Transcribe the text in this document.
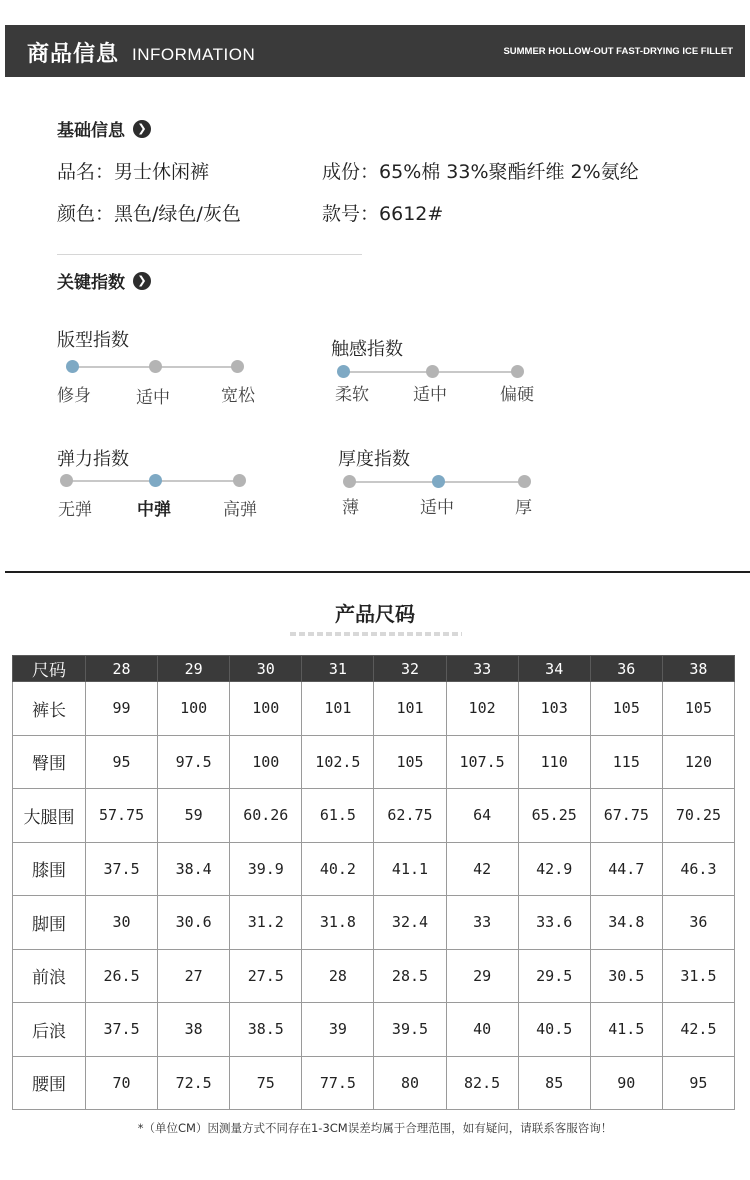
商品信息 INFORMATION	SUMMER HOLLOW-OUT FAST-DRYING ICE FILLET
基础信息 ❯
品名：男士休闲裤	成份：65%棉 33%聚酯纤维 2%氨纶
颜色：黑色/绿色/灰色	款号：6612#
关键指数 ❯
版型指数
修身	适中	宽松
触感指数
柔软	适中	偏硬
弹力指数
无弹	中弹	高弹
厚度指数
薄	适中	厚
产品尺码
尺码	28	29	30	31	32	33	34	36	38
裤长	99	100	100	101	101	102	103	105	105
臀围	95	97.5	100	102.5	105	107.5	110	115	120
大腿围	57.75	59	60.26	61.5	62.75	64	65.25	67.75	70.25
膝围	37.5	38.4	39.9	40.2	41.1	42	42.9	44.7	46.3
脚围	30	30.6	31.2	31.8	32.4	33	33.6	34.8	36
前浪	26.5	27	27.5	28	28.5	29	29.5	30.5	31.5
后浪	37.5	38	38.5	39	39.5	40	40.5	41.5	42.5
腰围	70	72.5	75	77.5	80	82.5	85	90	95
*（单位CM）因测量方式不同存在1-3CM误差均属于合理范围，如有疑问，请联系客服咨询！
